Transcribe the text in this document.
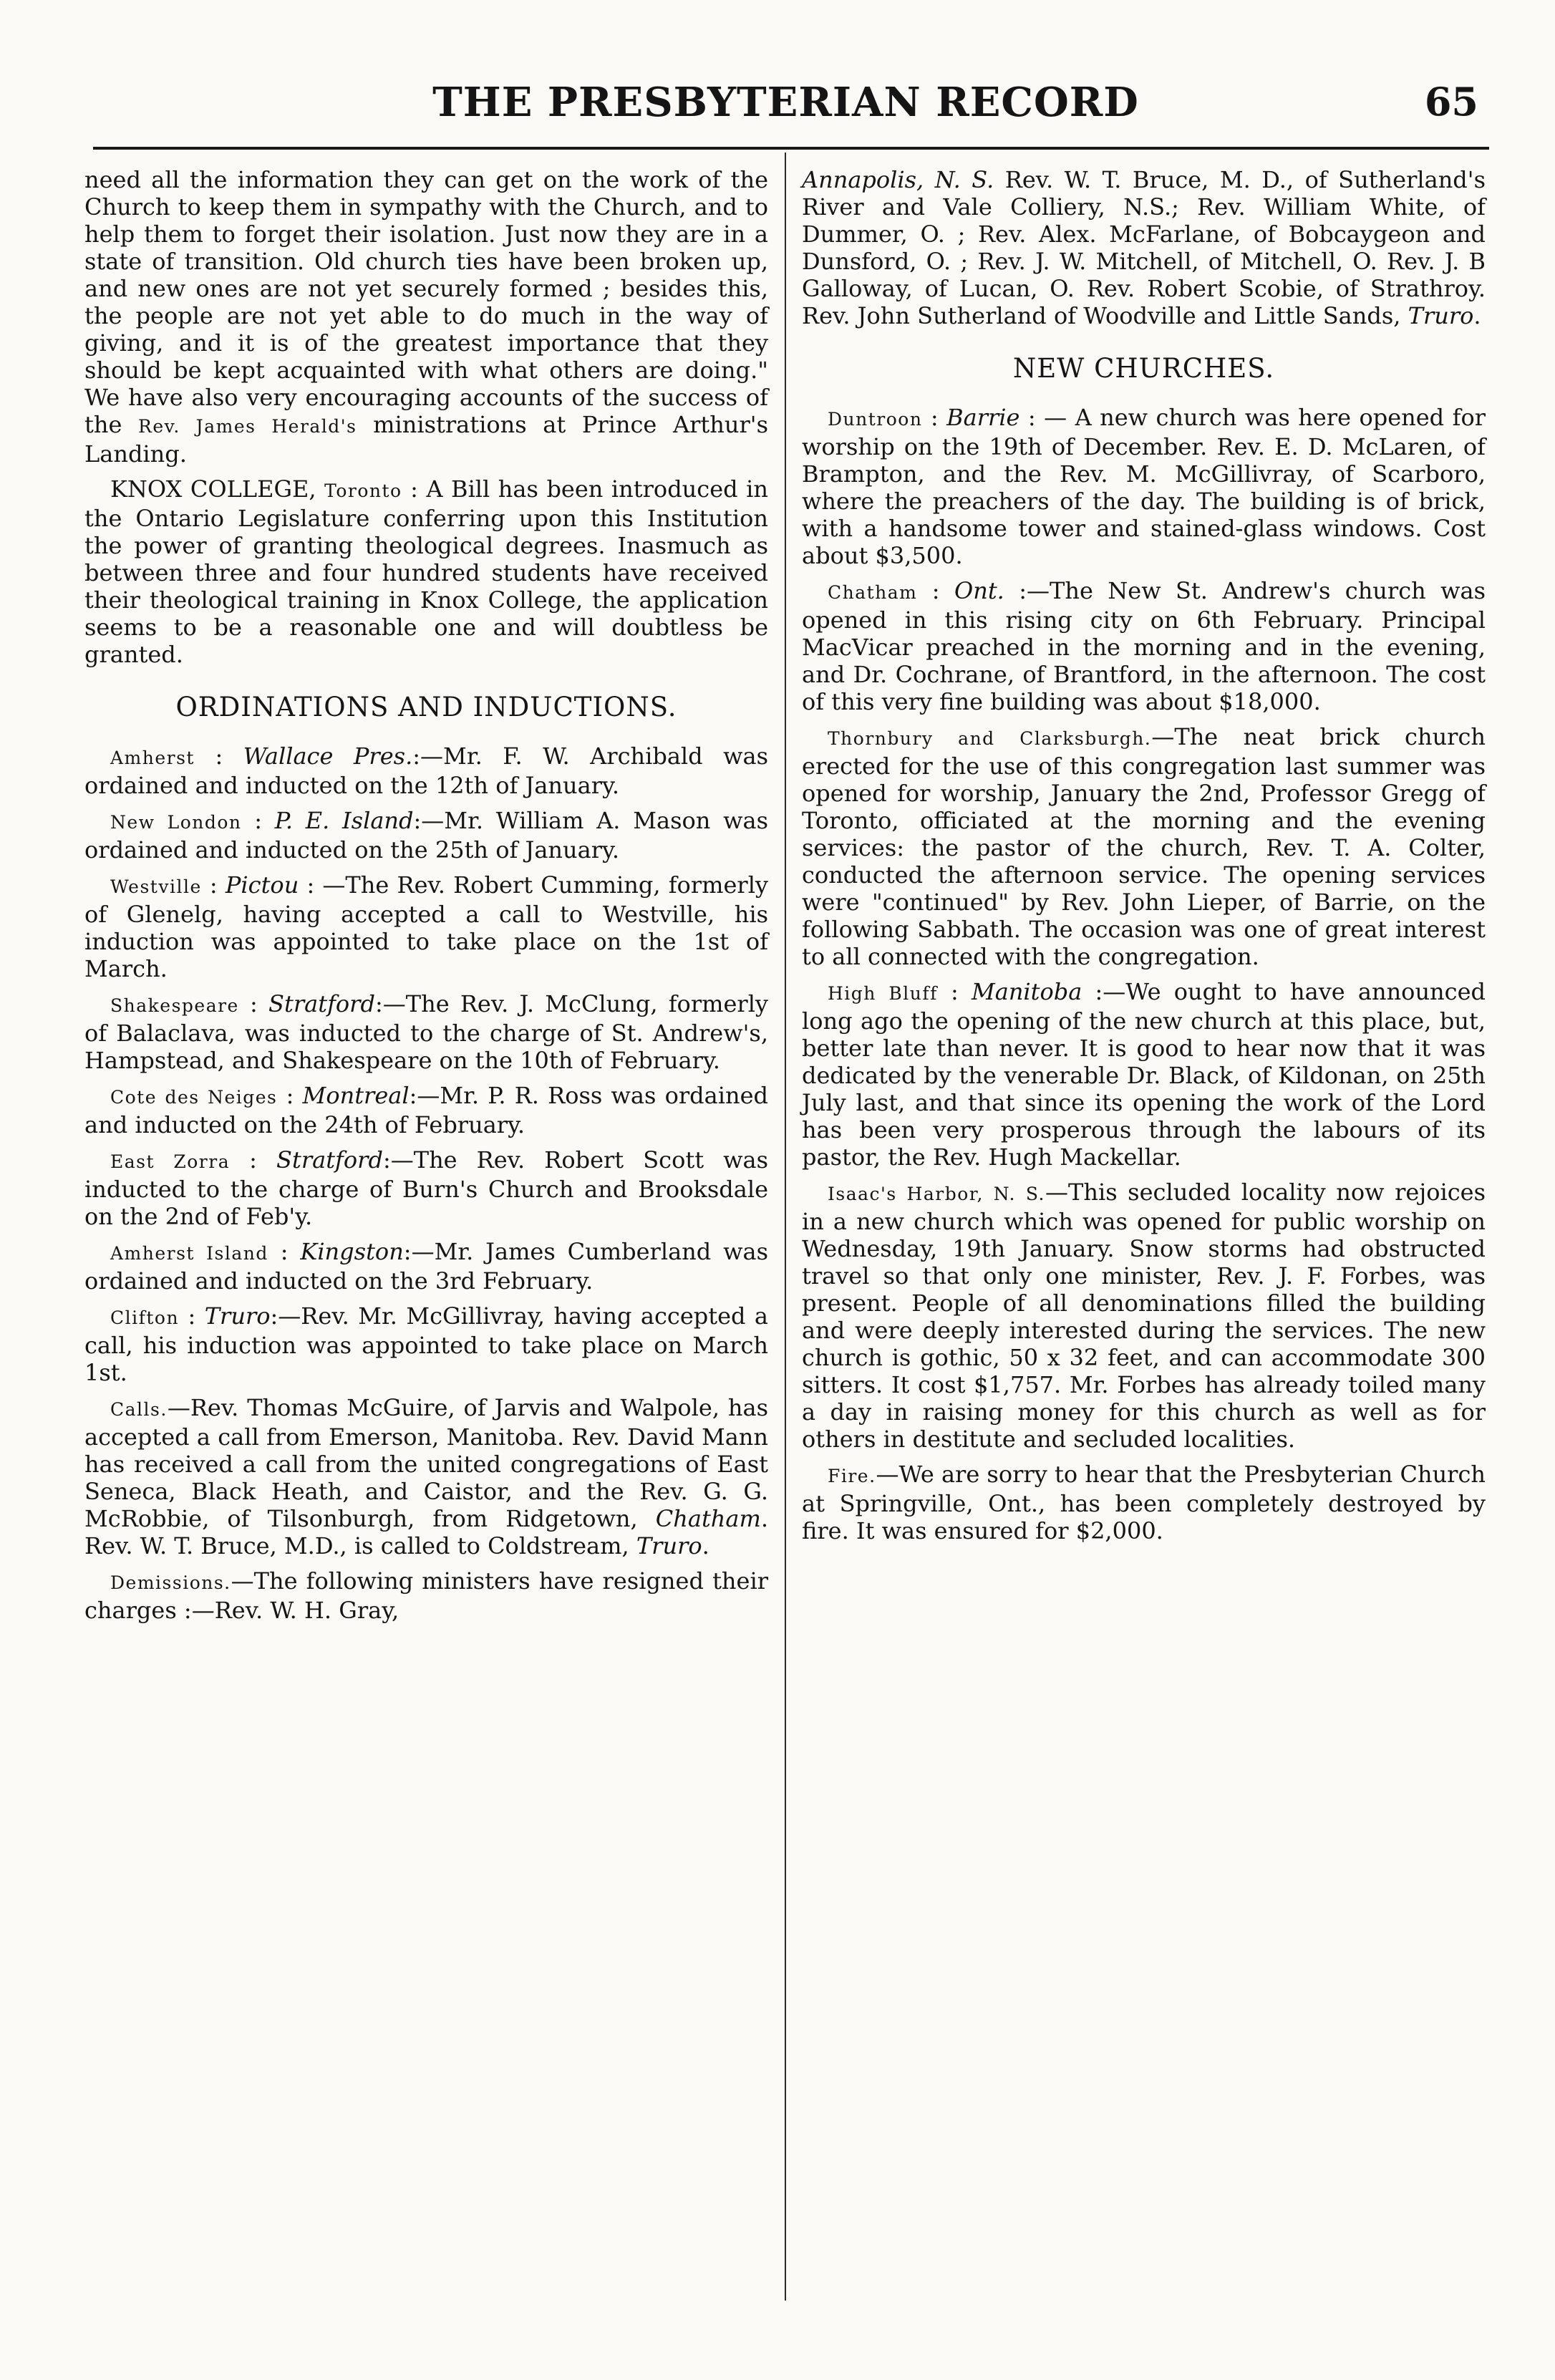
THE PRESBYTERIAN RECORD	65

need all the information they can get on the work of the Church to keep them in sympathy with the Church, and to help them to forget their isolation. Just now they are in a state of transition. Old church ties have been broken up, and new ones are not yet securely formed ; besides this, the people are not yet able to do much in the way of giving, and it is of the greatest importance that they should be kept acquainted with what others are doing." We have also very encouraging accounts of the success of the Rev. James Herald's ministrations at Prince Arthur's Landing.

KNOX COLLEGE, Toronto : A Bill has been introduced in the Ontario Legislature conferring upon this Institution the power of granting theological degrees. Inasmuch as between three and four hundred students have received their theological training in Knox College, the application seems to be a reasonable one and will doubtless be granted.

ORDINATIONS AND INDUCTIONS.

Amherst : Wallace Pres.:—Mr. F. W. Archibald was ordained and inducted on the 12th of January.

New London : P. E. Island:—Mr. William A. Mason was ordained and inducted on the 25th of January.

Westville : Pictou : —The Rev. Robert Cumming, formerly of Glenelg, having accepted a call to Westville, his induction was appointed to take place on the 1st of March.

Shakespeare : Stratford:—The Rev. J. McClung, formerly of Balaclava, was inducted to the charge of St. Andrew's, Hampstead, and Shakespeare on the 10th of February.

Cote des Neiges : Montreal:—Mr. P. R. Ross was ordained and inducted on the 24th of February.

East Zorra : Stratford:—The Rev. Robert Scott was inducted to the charge of Burn's Church and Brooksdale on the 2nd of Feb'y.

Amherst Island : Kingston:—Mr. James Cumberland was ordained and inducted on the 3rd February.

Clifton : Truro:—Rev. Mr. McGillivray, having accepted a call, his induction was appointed to take place on March 1st.

Calls.—Rev. Thomas McGuire, of Jarvis and Walpole, has accepted a call from Emerson, Manitoba. Rev. David Mann has received a call from the united congregations of East Seneca, Black Heath, and Caistor, and the Rev. G. G. McRobbie, of Tilsonburgh, from Ridgetown, Chatham. Rev. W. T. Bruce, M.D., is called to Coldstream, Truro.

Demissions.—The following ministers have resigned their charges :—Rev. W. H. Gray,

Annapolis, N. S. Rev. W. T. Bruce, M. D., of Sutherland's River and Vale Colliery, N.S.; Rev. William White, of Dummer, O. ; Rev. Alex. McFarlane, of Bobcaygeon and Dunsford, O. ; Rev. J. W. Mitchell, of Mitchell, O. Rev. J. B Galloway, of Lucan, O. Rev. Robert Scobie, of Strathroy. Rev. John Sutherland of Woodville and Little Sands, Truro.

NEW CHURCHES.

Duntroon : Barrie : — A new church was here opened for worship on the 19th of December. Rev. E. D. McLaren, of Brampton, and the Rev. M. McGillivray, of Scarboro, where the preachers of the day. The building is of brick, with a handsome tower and stained-glass windows. Cost about $3,500.

Chatham : Ont. :—The New St. Andrew's church was opened in this rising city on 6th February. Principal MacVicar preached in the morning and in the evening, and Dr. Cochrane, of Brantford, in the afternoon. The cost of this very fine building was about $18,000.

Thornbury and Clarksburgh.—The neat brick church erected for the use of this congregation last summer was opened for worship, January the 2nd, Professor Gregg of Toronto, officiated at the morning and the evening services: the pastor of the church, Rev. T. A. Colter, conducted the afternoon service. The opening services were "continued" by Rev. John Lieper, of Barrie, on the following Sabbath. The occasion was one of great interest to all connected with the congregation.

High Bluff : Manitoba :—We ought to have announced long ago the opening of the new church at this place, but, better late than never. It is good to hear now that it was dedicated by the venerable Dr. Black, of Kildonan, on 25th July last, and that since its opening the work of the Lord has been very prosperous through the labours of its pastor, the Rev. Hugh Mackellar.

Isaac's Harbor, N. S.—This secluded locality now rejoices in a new church which was opened for public worship on Wednesday, 19th January. Snow storms had obstructed travel so that only one minister, Rev. J. F. Forbes, was present. People of all denominations filled the building and were deeply interested during the services. The new church is gothic, 50 x 32 feet, and can accommodate 300 sitters. It cost $1,757. Mr. Forbes has already toiled many a day in raising money for this church as well as for others in destitute and secluded localities.

Fire.—We are sorry to hear that the Presbyterian Church at Springville, Ont., has been completely destroyed by fire. It was ensured for $2,000.
